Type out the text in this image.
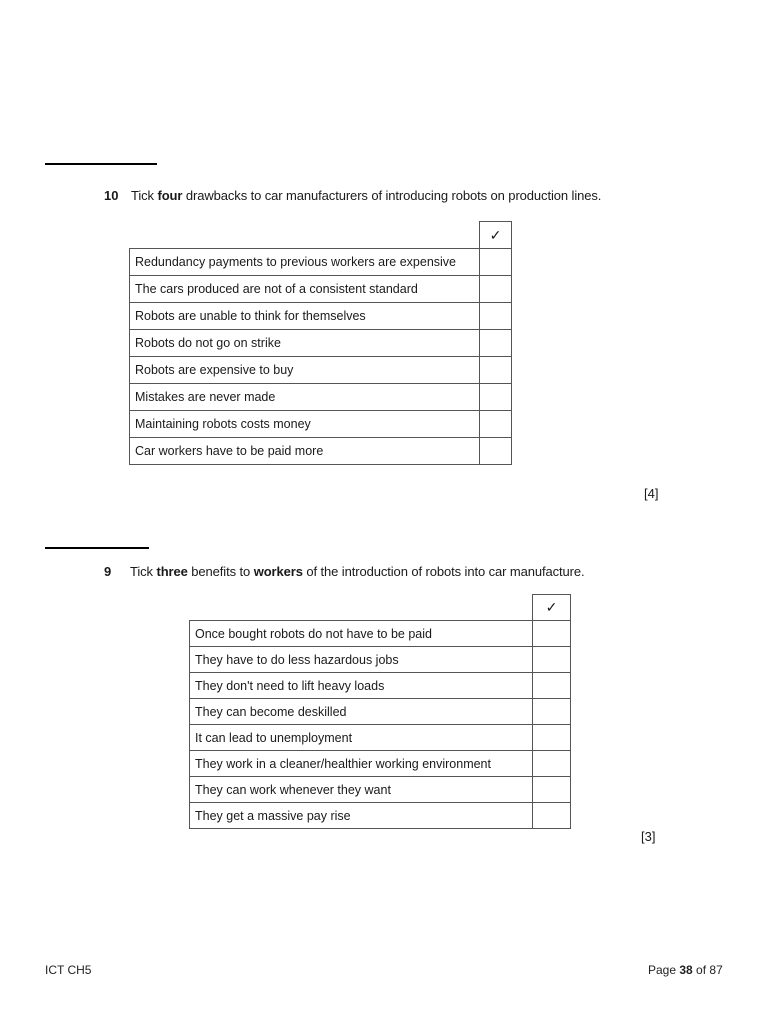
10 Tick four drawbacks to car manufacturers of introducing robots on production lines.
	✓
Redundancy payments to previous workers are expensive	
The cars produced are not of a consistent standard	
Robots are unable to think for themselves	
Robots do not go on strike	
Robots are expensive to buy	
Mistakes are never made	
Maintaining robots costs money	
Car workers have to be paid more	
[4]
9 Tick three benefits to workers of the introduction of robots into car manufacture.
	✓
Once bought robots do not have to be paid	
They have to do less hazardous jobs	
They don't need to lift heavy loads	
They can become deskilled	
It can lead to unemployment	
They work in a cleaner/healthier working environment	
They can work whenever they want	
They get a massive pay rise	
[3]
ICT CH5	Page 38 of 87
